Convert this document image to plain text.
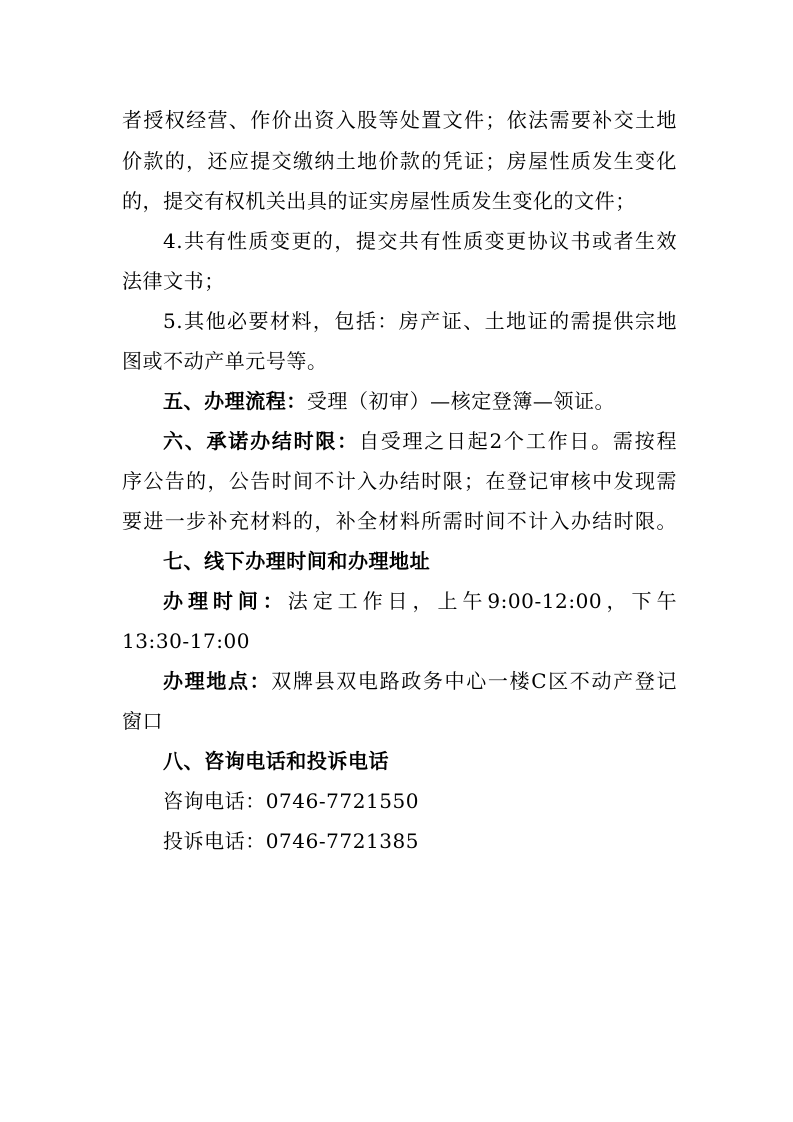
者授权经营、作价出资入股等处置文件；依法需要补交土地
价款的，还应提交缴纳土地价款的凭证；房屋性质发生变化
的，提交有权机关出具的证实房屋性质发生变化的文件；
4.共有性质变更的，提交共有性质变更协议书或者生效
法律文书；
5.其他必要材料，包括：房产证、土地证的需提供宗地
图或不动产单元号等。
五、办理流程：受理（初审）—核定登簿—领证。
六、承诺办结时限：自受理之日起2个工作日。需按程
序公告的，公告时间不计入办结时限；在登记审核中发现需
要进一步补充材料的，补全材料所需时间不计入办结时限。
七、线下办理时间和办理地址
办理时间：法定工作日，上午9:00-12:00，下午
13:30-17:00
办理地点：双牌县双电路政务中心一楼C区不动产登记
窗口
八、咨询电话和投诉电话
咨询电话：0746-7721550
投诉电话：0746-7721385
